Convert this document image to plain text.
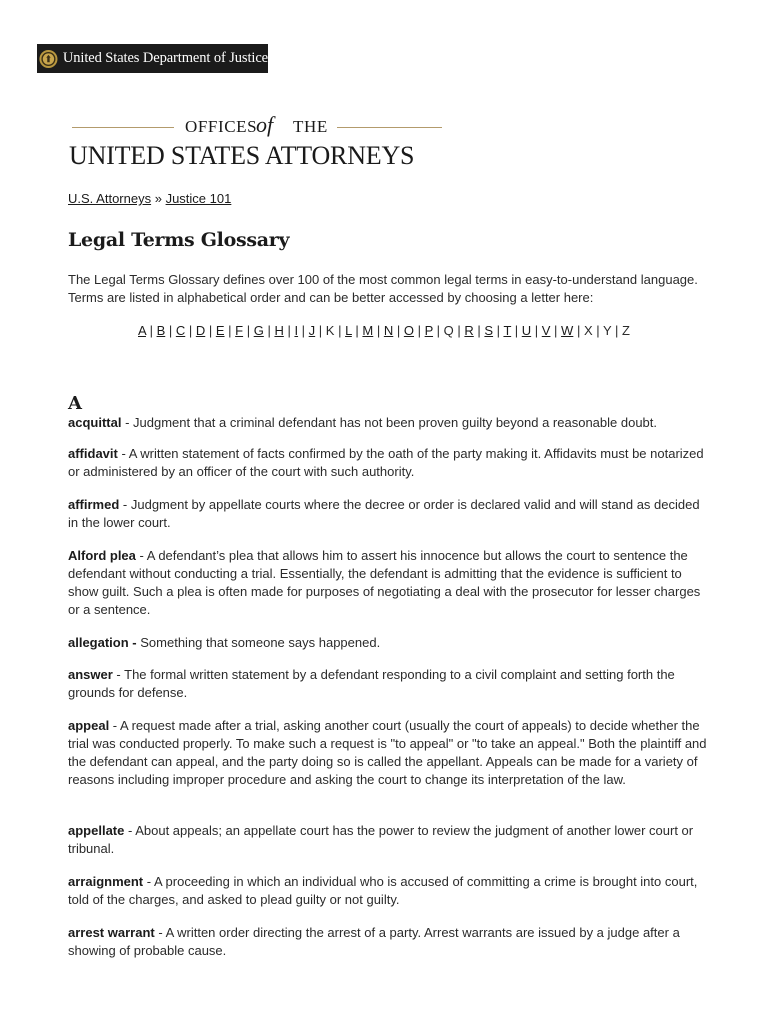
United States Department of Justice
OFFICES
of THE
UNITED STATES ATTORNEYS
U.S. Attorneys » Justice 101
Legal Terms Glossary

The Legal Terms Glossary defines over 100 of the most common legal terms in easy-to-understand language. Terms are listed in alphabetical order and can be better accessed by choosing a letter here:

A | B | C | D | E | F | G | H | I | J | K | L | M | N | O | P | Q | R | S | T | U | V | W | X | Y | Z
A

acquittal - Judgment that a criminal defendant has not been proven guilty beyond a reasonable doubt.

affidavit - A written statement of facts confirmed by the oath of the party making it. Affidavits must be notarized or administered by an officer of the court with such authority.

affirmed - Judgment by appellate courts where the decree or order is declared valid and will stand as decided in the lower court.

Alford plea - A defendant’s plea that allows him to assert his innocence but allows the court to sentence the defendant without conducting a trial. Essentially, the defendant is admitting that the evidence is sufficient to show guilt. Such a plea is often made for purposes of negotiating a deal with the prosecutor for lesser charges or a sentence.

allegation - Something that someone says happened.

answer - The formal written statement by a defendant responding to a civil complaint and setting forth the grounds for defense.

appeal - A request made after a trial, asking another court (usually the court of appeals) to decide whether the trial was conducted properly. To make such a request is "to appeal" or "to take an appeal." Both the plaintiff and the defendant can appeal, and the party doing so is called the appellant. Appeals can be made for a variety of reasons including improper procedure and asking the court to change its interpretation of the law.

appellate - About appeals; an appellate court has the power to review the judgment of another lower court or tribunal.

arraignment - A proceeding in which an individual who is accused of committing a crime is brought into court, told of the charges, and asked to plead guilty or not guilty.

arrest warrant - A written order directing the arrest of a party. Arrest warrants are issued by a judge after a showing of probable cause.
